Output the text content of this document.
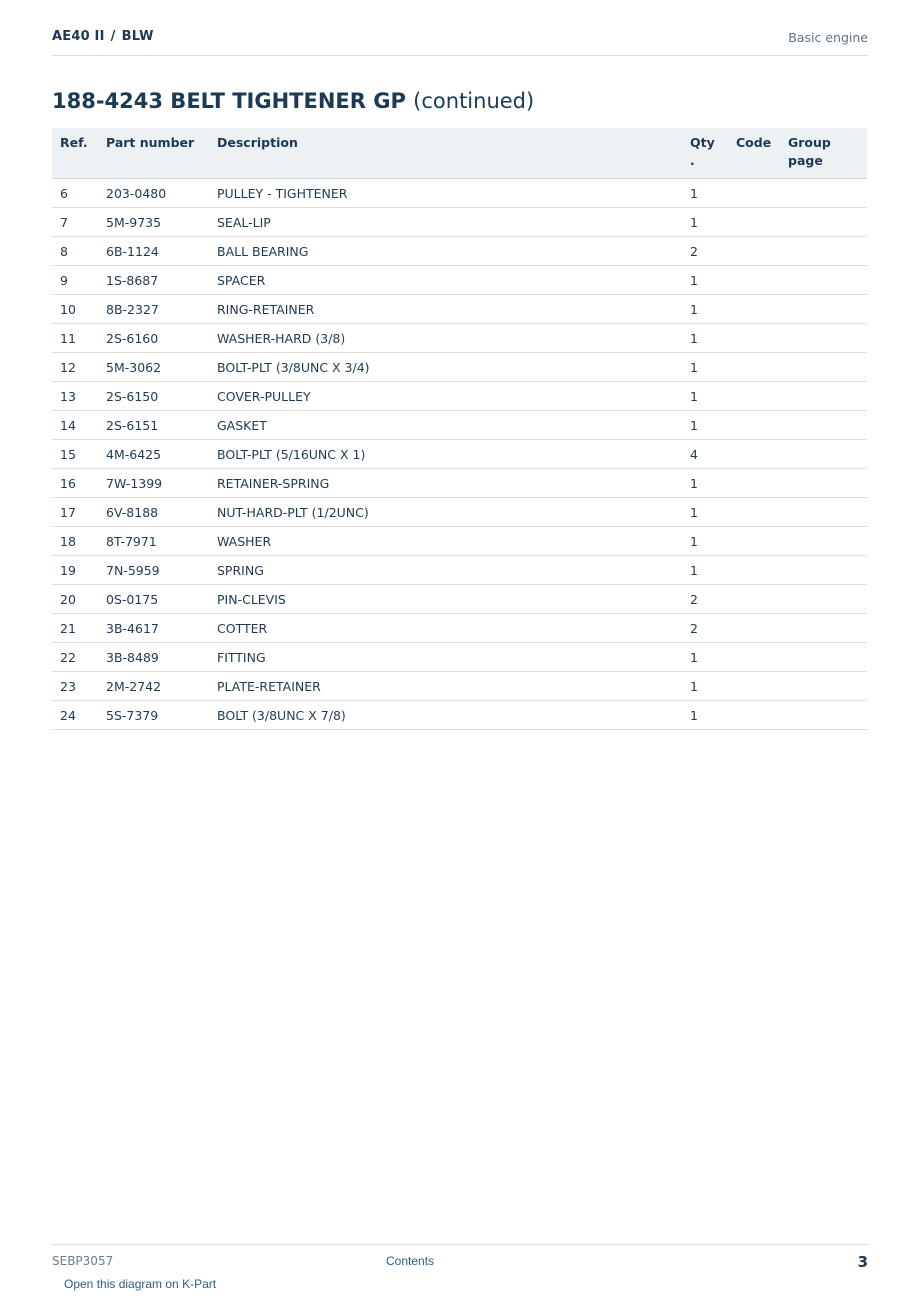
AE40 II / BLW	Basic engine
188-4243 BELT TIGHTENER GP (continued)
Ref.	Part number	Description	Qty .	Code	Group page
6	203-0480	PULLEY - TIGHTENER	1		
7	5M-9735	SEAL-LIP	1		
8	6B-1124	BALL BEARING	2		
9	1S-8687	SPACER	1		
10	8B-2327	RING-RETAINER	1		
11	2S-6160	WASHER-HARD (3/8)	1		
12	5M-3062	BOLT-PLT (3/8UNC X 3/4)	1		
13	2S-6150	COVER-PULLEY	1		
14	2S-6151	GASKET	1		
15	4M-6425	BOLT-PLT (5/16UNC X 1)	4		
16	7W-1399	RETAINER-SPRING	1		
17	6V-8188	NUT-HARD-PLT (1/2UNC)	1		
18	8T-7971	WASHER	1		
19	7N-5959	SPRING	1		
20	0S-0175	PIN-CLEVIS	2		
21	3B-4617	COTTER	2		
22	3B-8489	FITTING	1		
23	2M-2742	PLATE-RETAINER	1		
24	5S-7379	BOLT (3/8UNC X 7/8)	1		
SEBP3057	Contents	3
Open this diagram on K-Part
